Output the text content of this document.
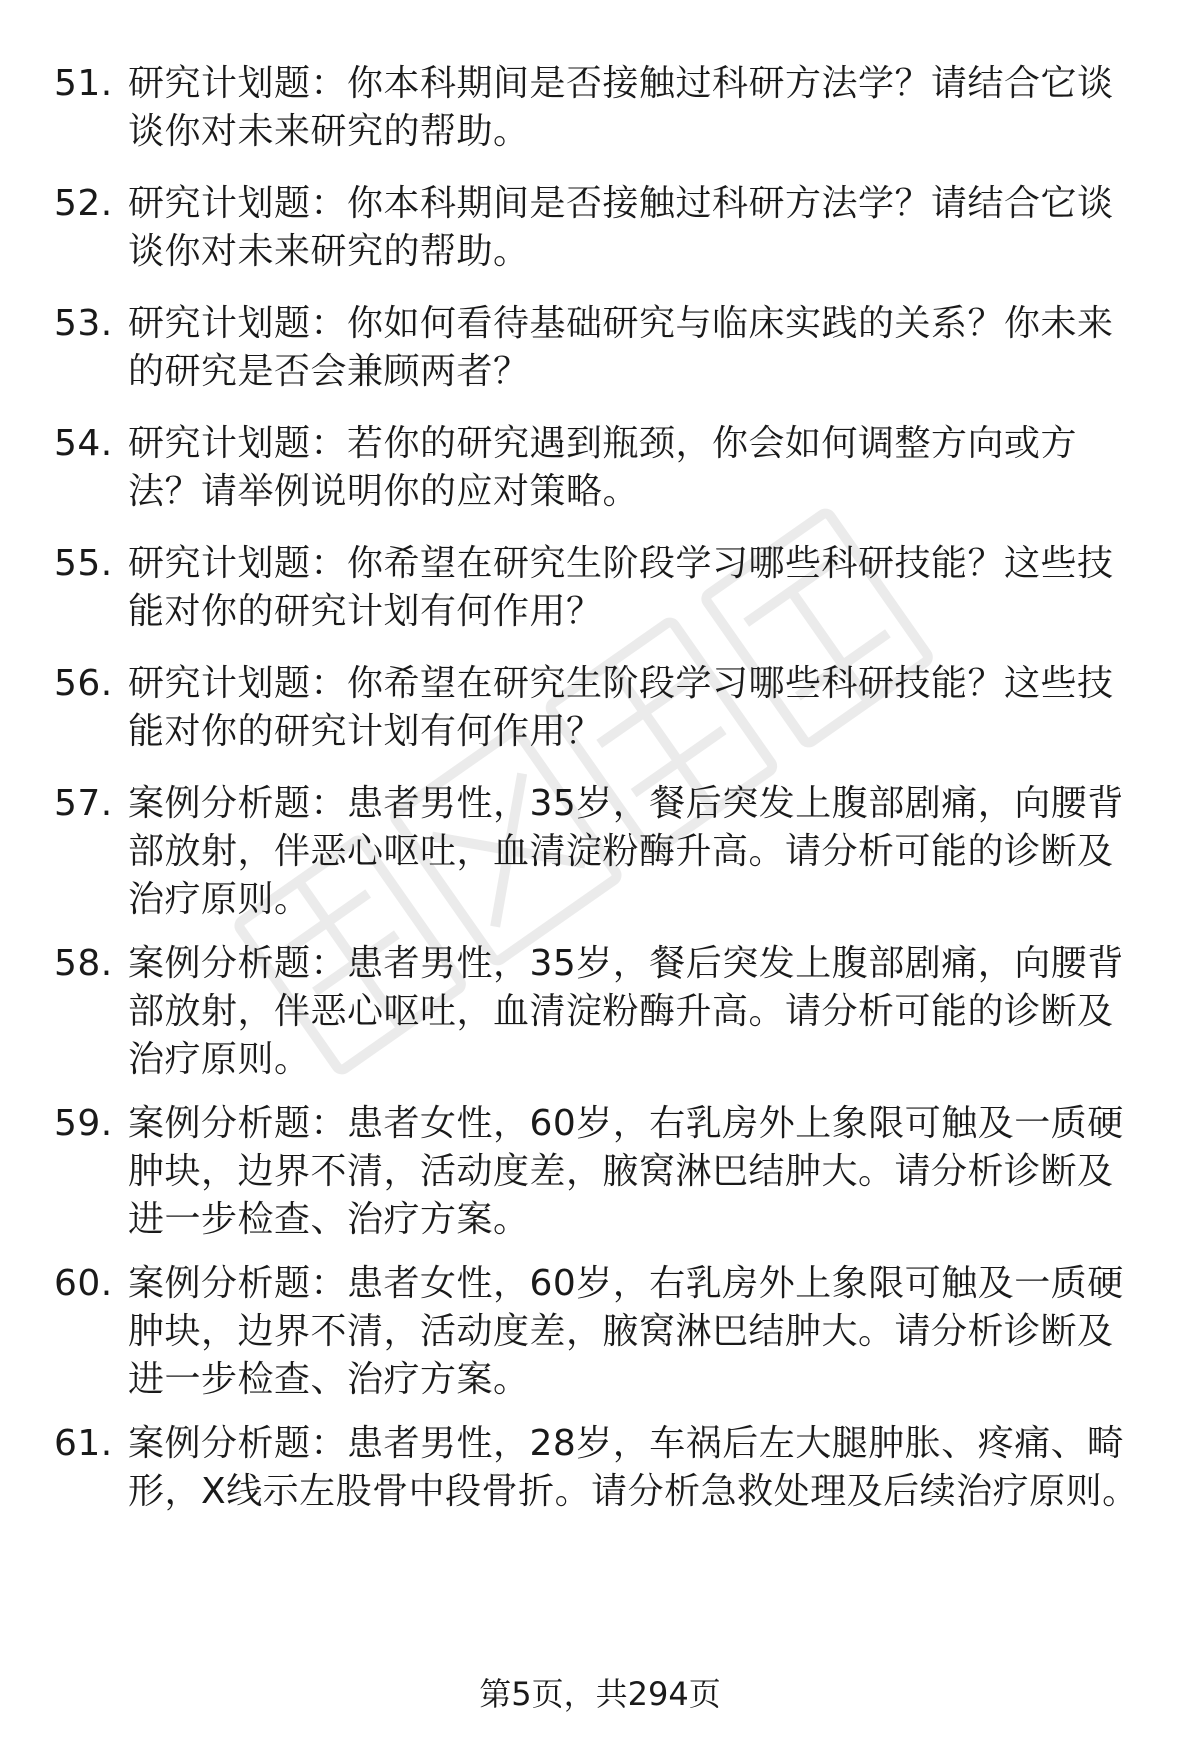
51. 研究计划题：你本科期间是否接触过科研方法学？请结合它谈谈你对未来研究的帮助。
52. 研究计划题：你本科期间是否接触过科研方法学？请结合它谈谈你对未来研究的帮助。
53. 研究计划题：你如何看待基础研究与临床实践的关系？你未来的研究是否会兼顾两者？
54. 研究计划题：若你的研究遇到瓶颈，你会如何调整方向或方法？请举例说明你的应对策略。
55. 研究计划题：你希望在研究生阶段学习哪些科研技能？这些技能对你的研究计划有何作用？
56. 研究计划题：你希望在研究生阶段学习哪些科研技能？这些技能对你的研究计划有何作用？
57. 案例分析题：患者男性，35岁，餐后突发上腹部剧痛，向腰背部放射，伴恶心呕吐，血清淀粉酶升高。请分析可能的诊断及治疗原则。
58. 案例分析题：患者男性，35岁，餐后突发上腹部剧痛，向腰背部放射，伴恶心呕吐，血清淀粉酶升高。请分析可能的诊断及治疗原则。
59. 案例分析题：患者女性，60岁，右乳房外上象限可触及一质硬肿块，边界不清，活动度差，腋窝淋巴结肿大。请分析诊断及进一步检查、治疗方案。
60. 案例分析题：患者女性，60岁，右乳房外上象限可触及一质硬肿块，边界不清，活动度差，腋窝淋巴结肿大。请分析诊断及进一步检查、治疗方案。
61. 案例分析题：患者男性，28岁，车祸后左大腿肿胀、疼痛、畸形，X线示左股骨中段骨折。请分析急救处理及后续治疗原则。
第5页，共294页
